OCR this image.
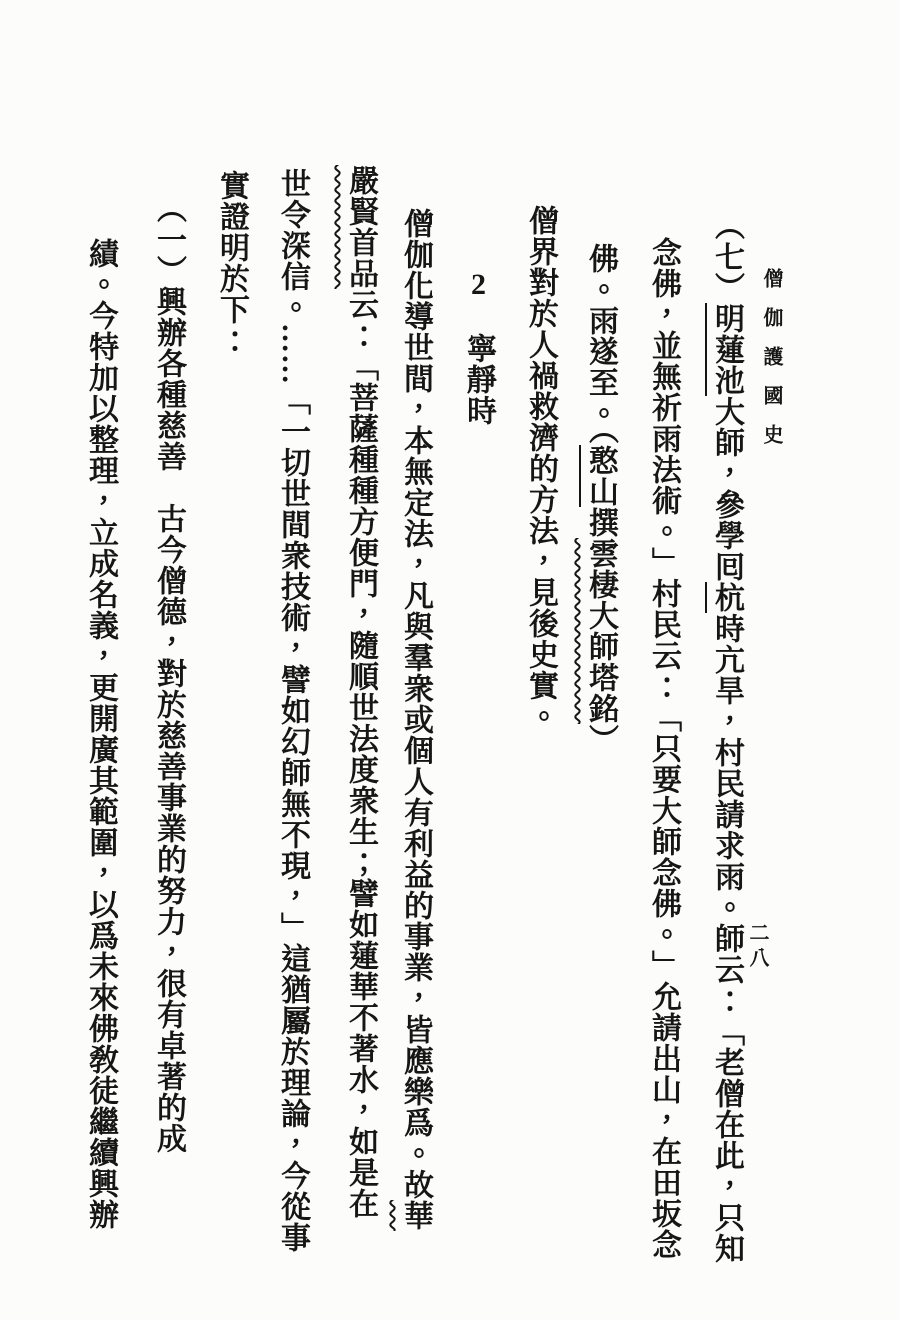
僧伽護國史
二八
（七）明蓮池大師，參學囘杭時亢旱，村民請求雨。師云：「老僧在此，只知
念佛，並無祈雨法術。」村民云：「只要大師念佛。」允請出山，在田坂念
佛。雨遂至。（憨山撰雲棲大師塔銘）
僧界對於人禍救濟的方法，見後史實。
2　寧靜時
僧伽化導世間，本無定法，凡與羣衆或個人有利益的事業，皆應樂爲。故華
嚴賢首品云：「菩薩種種方便門，隨順世法度衆生；譬如蓮華不著水，如是在
世令深信。……「一切世間衆技術，譬如幻師無不現，」這猶屬於理論，今從事
實證明於下：
（一）興辦各種慈善　古今僧德，對於慈善事業的努力，很有卓著的成
績。今特加以整理，立成名義，更開廣其範圍，以爲未來佛敎徒繼續興辦
